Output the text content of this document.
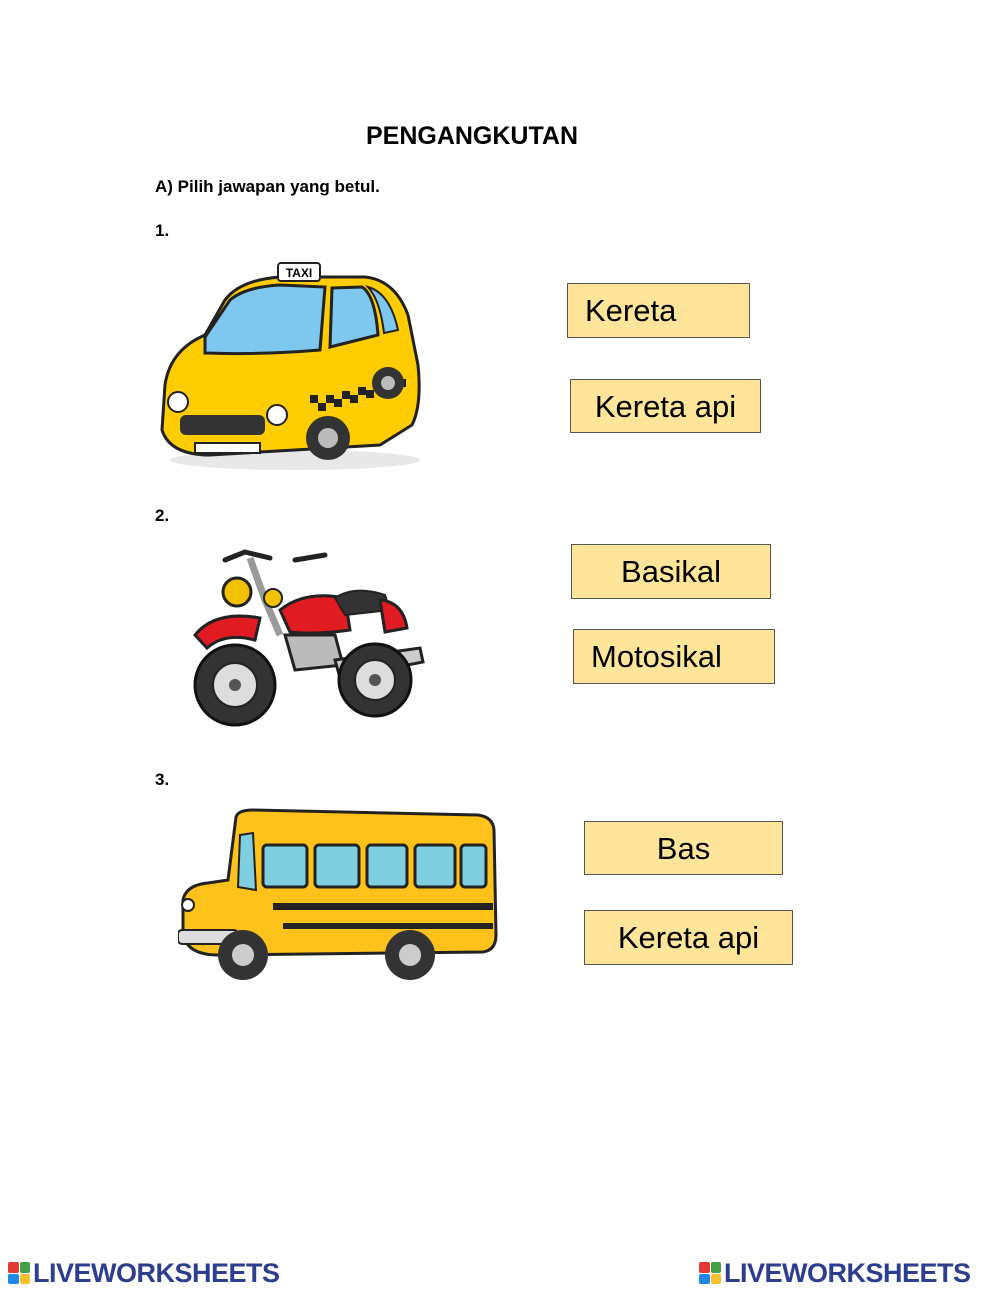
PENGANGKUTAN
A) Pilih jawapan yang betul.
1.
TAXI
Kereta
Kereta api
2.
Basikal
Motosikal
3.
Bas
Kereta api
LIVEWORKSHEETS	LIVEWORKSHEETS
